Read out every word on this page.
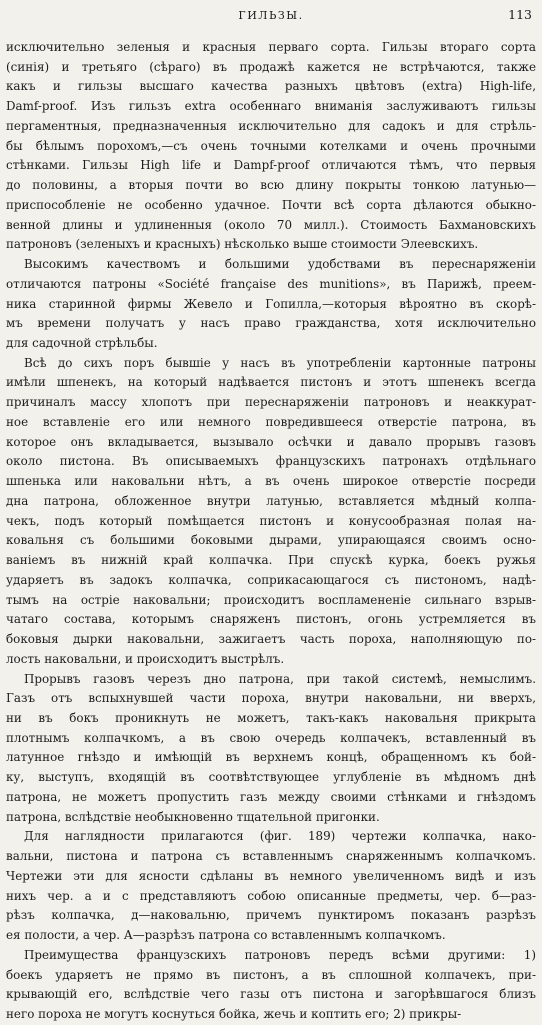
ГИЛЬЗЫ.	113
исключительно зеленыя и красныя перваго сорта. Гильзы втораго сорта
(синія) и третьяго (сѣраго) въ продажѣ кажется не встрѣчаются, также
какъ и гильзы высшаго качества разныхъ цвѣтовъ (extra) High-life,
Damf-proof. Изъ гильзъ extra особеннаго вниманія заслуживаютъ гильзы
пергаментныя, предназначенныя исключительно для садокъ и для стрѣль-
бы бѣлымъ порохомъ,—съ очень точными котелками и очень прочными
стѣнками. Гильзы High life и Dampf-proof отличаются тѣмъ, что первыя
до половины, а вторыя почти во всю длину покрыты тонкою латунью—
приспособленіе не особенно удачное. Почти всѣ сорта дѣлаются обыкно-
венной длины и удлиненныя (около 70 милл.). Стоимость Бахмановскихъ
патроновъ (зеленыхъ и красныхъ) нѣсколько выше стоимости Элеевскихъ.
Высокимъ качествомъ и большими удобствами въ переснаряженіи
отличаются патроны «Société française des munitions», въ Парижѣ, преем-
ника старинной фирмы Жевело и Гопилла,—которыя вѣроятно въ скорѣ-
мъ времени получатъ у насъ право гражданства, хотя исключительно
для садочной стрѣльбы.
Всѣ до сихъ поръ бывшіе у насъ въ употребленіи картонные патроны
имѣли шпенекъ, на который надѣвается пистонъ и этотъ шпенекъ всегда
причиналъ массу хлопотъ при переснаряженіи патроновъ и неаккурат-
ное вставленіе его или немного повредившееся отверстіе патрона, въ
которое онъ вкладывается, вызывало осѣчки и давало прорывъ газовъ
около пистона. Въ описываемыхъ французскихъ патронахъ отдѣльнаго
шпенька или наковальни нѣтъ, а въ очень широкое отверстіе посреди
дна патрона, обложенное внутри латунью, вставляется мѣдный колпа-
чекъ, подъ который помѣщается пистонъ и конусообразная полая на-
ковальня съ большими боковыми дырами, упирающаяся своимъ осно-
ваніемъ въ нижній край колпачка. При спускѣ курка, боекъ ружья
ударяетъ въ задокъ колпачка, соприкасающагося съ пистономъ, надѣ-
тымъ на остріе наковальни; происходитъ воспламененіе сильнаго взрыв-
чатаго состава, которымъ снаряженъ пистонъ, огонь устремляется въ
боковыя дырки наковальни, зажигаетъ часть пороха, наполняющую по-
лость наковальни, и происходитъ выстрѣлъ.
Прорывъ газовъ черезъ дно патрона, при такой системѣ, немыслимъ.
Газъ отъ вспыхнувшей части пороха, внутри наковальни, ни вверхъ,
ни въ бокъ проникнуть не можетъ, такъ-какъ наковальня прикрыта
плотнымъ колпачкомъ, а въ свою очередь колпачекъ, вставленный въ
латунное гнѣздо и имѣющій въ верхнемъ концѣ, обращенномъ къ бой-
ку, выступъ, входящій въ соотвѣтствующее углубленіе въ мѣдномъ днѣ
патрона, не можетъ пропустить газъ между своими стѣнками и гнѣздомъ
патрона, вслѣдствіе необыкновенно тщательной пригонки.
Для наглядности прилагаются (фиг. 189) чертежи колпачка, нако-
вальни, пистона и патрона съ вставленнымъ снаряженнымъ колпачкомъ.
Чертежи эти для ясности сдѣланы въ немного увеличенномъ видѣ и изъ
нихъ чер. а и с представляютъ собою описанные предметы, чер. б—раз-
рѣзъ колпачка, д—наковальню, причемъ пунктиромъ показанъ разрѣзъ
ея полости, а чер. А—разрѣзъ патрона со вставленнымъ колпачкомъ.
Преимущества французскихъ патроновъ передъ всѣми другими: 1)
боекъ ударяетъ не прямо въ пистонъ, а въ сплошной колпачекъ, при-
крывающій его, вслѣдствіе чего газы отъ пистона и загорѣвшагося близъ
него пороха не могутъ коснуться бойка, жечь и коптить его; 2) прикры-
